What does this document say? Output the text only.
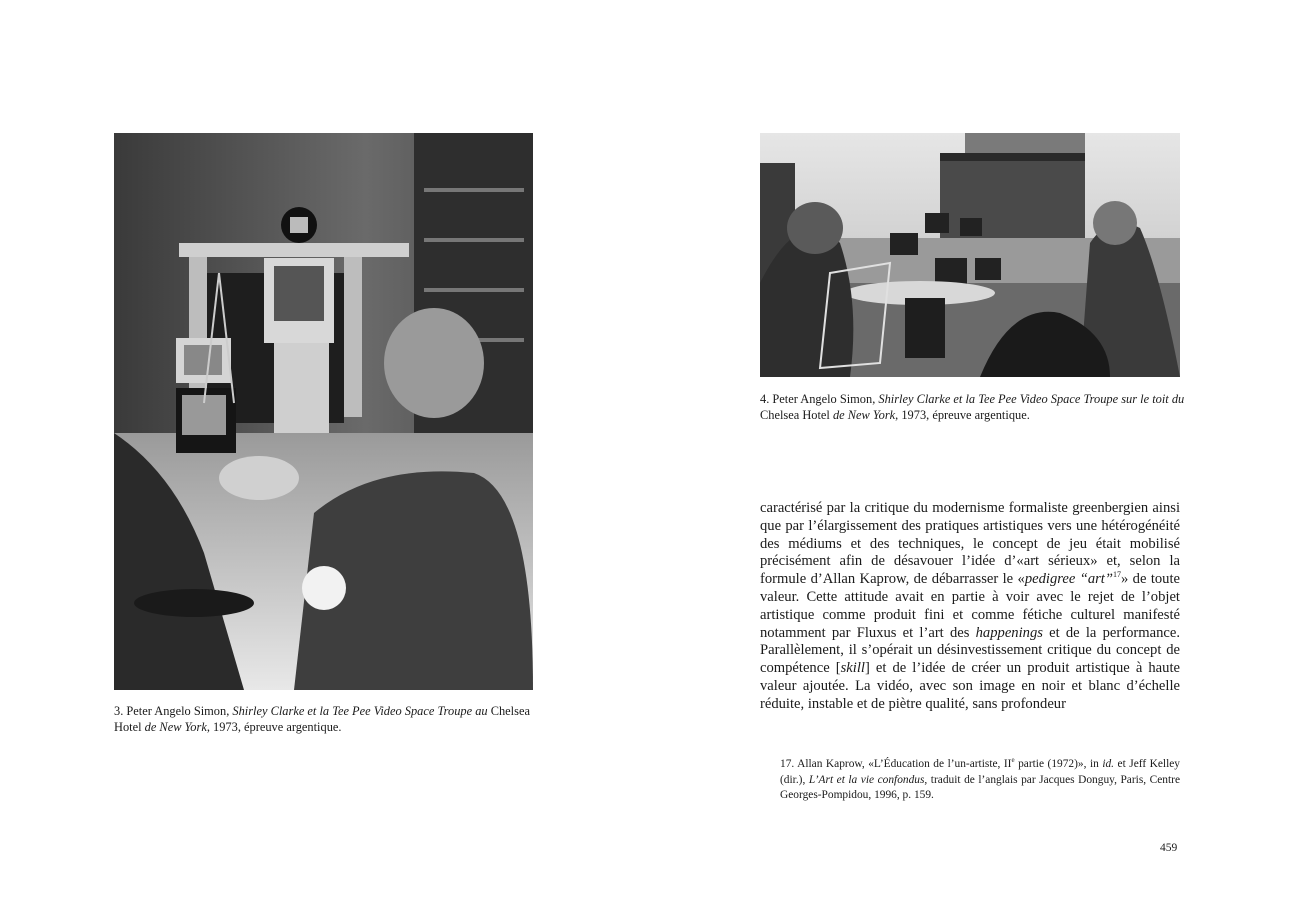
3. Peter Angelo Simon, Shirley Clarke et la Tee Pee Video Space Troupe au Chelsea Hotel de New York, 1973, épreuve argentique.
4. Peter Angelo Simon, Shirley Clarke et la Tee Pee Video Space Troupe sur le toit du Chelsea Hotel de New York, 1973, épreuve argentique.
caractérisé par la critique du modernisme formaliste greenbergien ainsi que par l’élargissement des pratiques artistiques vers une hétérogénéité des médiums et des techniques, le concept de jeu était mobilisé précisément afin de désavouer l’idée d’«art sérieux» et, selon la formule d’Allan Kaprow, de débarrasser le «pedigree “art”$^{17}$» de toute valeur. Cette attitude avait en partie à voir avec le rejet de l’objet artistique comme produit fini et comme fétiche culturel manifesté notamment par Fluxus et l’art des happenings et de la performance. Parallèlement, il s’opérait un désinvestissement critique du concept de compétence [skill] et de l’idée de créer un produit artistique à haute valeur ajoutée. La vidéo, avec son image en noir et blanc d’échelle réduite, instable et de piètre qualité, sans profondeur
17. Allan Kaprow, «L’Éducation de l’un-artiste, IIe partie (1972)», in id. et Jeff Kelley (dir.), L’Art et la vie confondus, traduit de l’anglais par Jacques Donguy, Paris, Centre Georges-Pompidou, 1996, p. 159.
459
